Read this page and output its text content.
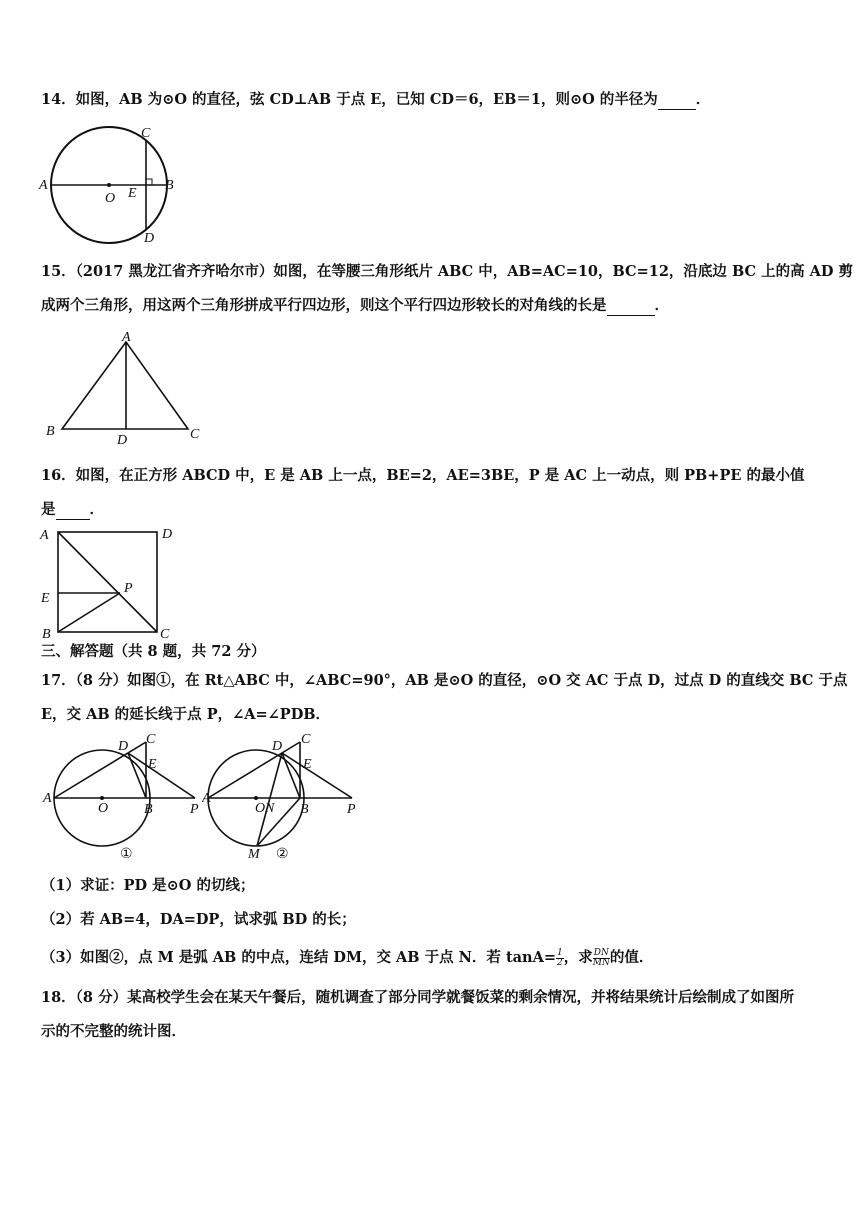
14．如图，AB 为⊙O 的直径，弦 CD⊥AB 于点 E，已知 CD＝6，EB＝1，则⊙O 的半径为	．
A	B
C
D
E
O
15．（2017 黑龙江省齐齐哈尔市）如图，在等腰三角形纸片 ABC 中，AB=AC=10，BC=12，沿底边 BC 上的高 AD 剪
成两个三角形，用这两个三角形拼成平行四边形，则这个平行四边形较长的对角线的长是	．
A
B	C
D
16．如图，在正方形 ABCD 中，E 是 AB 上一点，BE=2，AE=3BE，P 是 AC 上一动点，则 PB+PE 的最小值
是 ．
A
B	C
D
E
P
三、解答题（共 8 题，共 72 分）
17．（8 分）如图①，在 Rt△ABC 中，∠ABC=90°，AB 是⊙O 的直径，⊙O 交 AC 于点 D，过点 D 的直线交 BC 于点
E，交 AB 的延长线于点 P，∠A=∠PDB．
A
B
C
D
E
O	P
①
A
B
C
D
E
O N
M
P
②
（1）求证：PD 是⊙O 的切线；
（2）若 AB=4，DA=DP，试求弧 BD 的长；
（3）如图②，点 M 是弧 AB 的中点，连结 DM，交 AB 于点 N．若 $\tan A= \frac{1}{2}$ ，求 $\frac{DN}{MN}$ 的值．
18．（8 分）某高校学生会在某天午餐后，随机调查了部分同学就餐饭菜的剩余情况，并将结果统计后绘制成了如图所
示的不完整的统计图．
